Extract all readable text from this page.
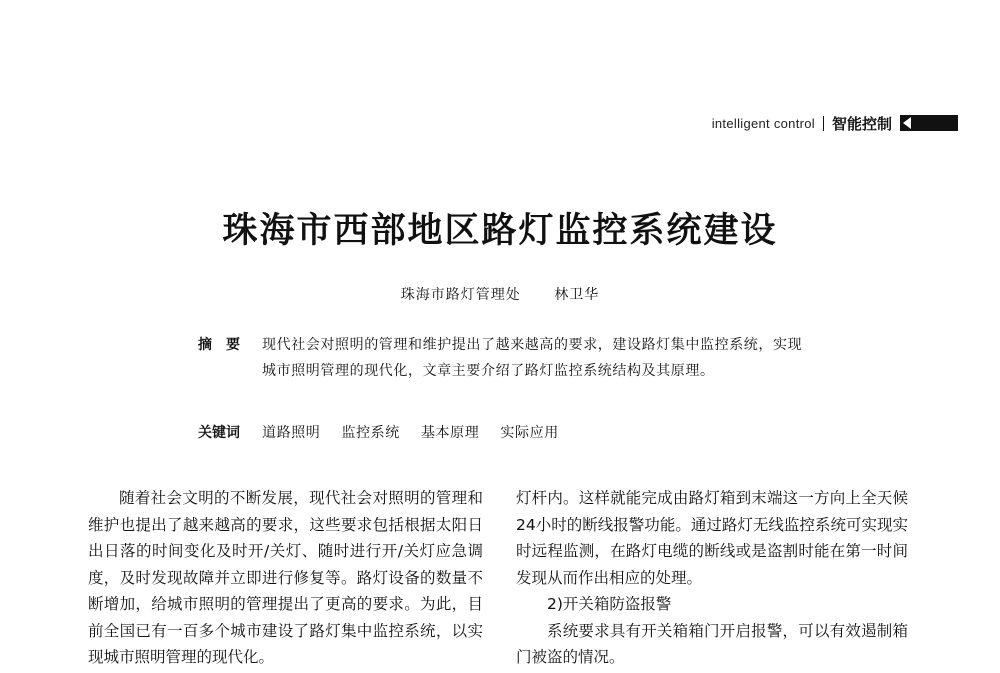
intelligent control 智能控制
珠海市西部地区路灯监控系统建设
珠海市路灯管理处 林卫华
摘要 现代社会对照明的管理和维护提出了越来越高的要求，建设路灯集中监控系统，实现城市照明管理的现代化，文章主要介绍了路灯监控系统结构及其原理。
关键词	道路照明 监控系统 基本原理 实际应用

随着社会文明的不断发展，现代社会对照明的管理和维护也提出了越来越高的要求，这些要求包括根据太阳日出日落的时间变化及时开/关灯、随时进行开/关灯应急调度，及时发现故障并立即进行修复等。路灯设备的数量不断增加，给城市照明的管理提出了更高的要求。为此，目前全国已有一百多个城市建设了路灯集中监控系统，以实现城市照明管理的现代化。

灯杆内。这样就能完成由路灯箱到末端这一方向上全天候24小时的断线报警功能。通过路灯无线监控系统可实现实时远程监测，在路灯电缆的断线或是盗割时能在第一时间发现从而作出相应的处理。

2)开关箱防盗报警

系统要求具有开关箱箱门开启报警，可以有效遏制箱门被盗的情况。
